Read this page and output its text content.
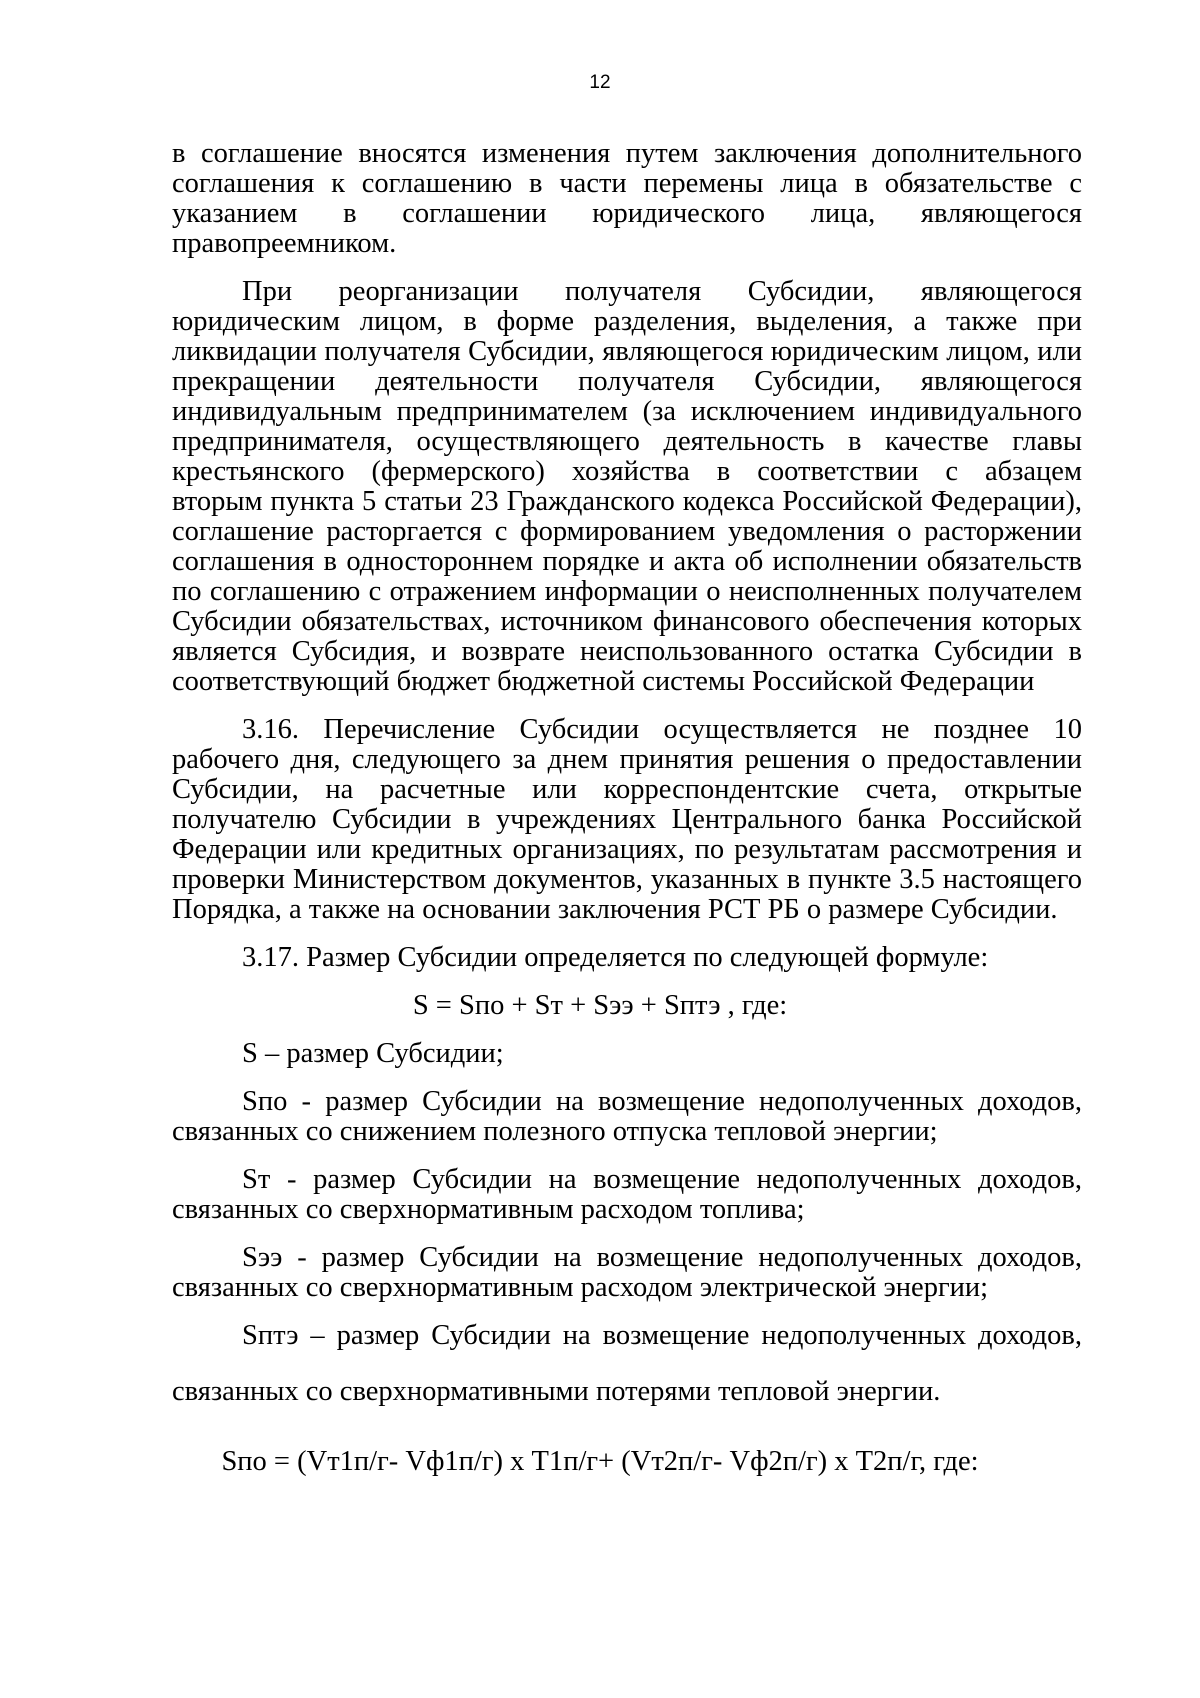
12
в соглашение вносятся изменения путем заключения дополнительного
соглашения к соглашению в части перемены лица в обязательстве с
указанием в соглашении юридического лица, являющегося
правопреемником.
При реорганизации получателя Субсидии, являющегося
юридическим лицом, в форме разделения, выделения, а также при
ликвидации получателя Субсидии, являющегося юридическим лицом, или
прекращении деятельности получателя Субсидии, являющегося
индивидуальным предпринимателем (за исключением индивидуального
предпринимателя, осуществляющего деятельность в качестве главы
крестьянского (фермерского) хозяйства в соответствии с абзацем
вторым пункта 5 статьи 23 Гражданского кодекса Российской Федерации),
соглашение расторгается с формированием уведомления о расторжении
соглашения в одностороннем порядке и акта об исполнении обязательств
по соглашению с отражением информации о неисполненных получателем
Субсидии обязательствах, источником финансового обеспечения которых
является Субсидия, и возврате неиспользованного остатка Субсидии в
соответствующий бюджет бюджетной системы Российской Федерации
3.16. Перечисление Субсидии осуществляется не позднее 10
рабочего дня, следующего за днем принятия решения о предоставлении
Субсидии, на расчетные или корреспондентские счета, открытые
получателю Субсидии в учреждениях Центрального банка Российской
Федерации или кредитных организациях, по результатам рассмотрения и
проверки Министерством документов, указанных в пункте 3.5 настоящего
Порядка, а также на основании заключения РСТ РБ о размере Субсидии.
3.17. Размер Субсидии определяется по следующей формуле:
S = Sпо + Sт + Sээ + Sптэ , где:
S – размер Субсидии;
Sпо - размер Субсидии на возмещение недополученных доходов,
связанных со снижением полезного отпуска тепловой энергии;
Sт - размер Субсидии на возмещение недополученных доходов,
связанных со сверхнормативным расходом топлива;
Sээ - размер Субсидии на возмещение недополученных доходов,
связанных со сверхнормативным расходом электрической энергии;
Sптэ – размер Субсидии на возмещение недополученных доходов,
связанных со сверхнормативными потерями тепловой энергии.
Sпо = (Vт1п/г- Vф1п/г) х Т1п/г+ (Vт2п/г- Vф2п/г) х Т2п/г, где:
